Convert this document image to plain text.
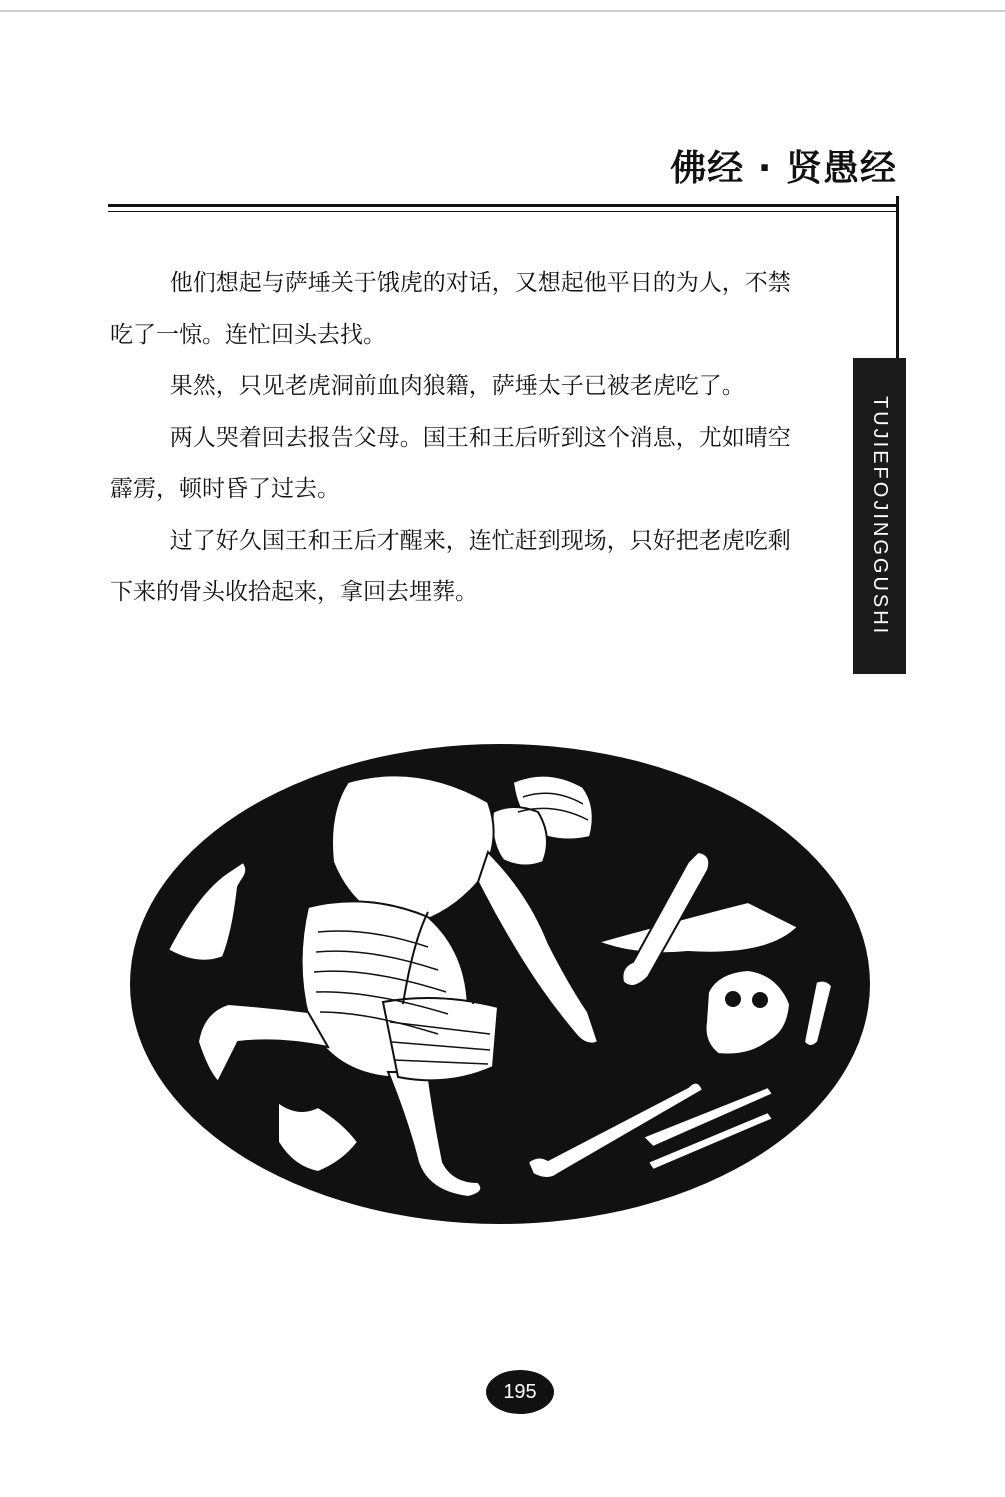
佛经 · 贤愚经
TUJIEFOJINGGUSHI

他们想起与萨埵关于饿虎的对话，又想起他平日的为人，不禁吃了一惊。连忙回头去找。

果然，只见老虎洞前血肉狼籍，萨埵太子已被老虎吃了。

两人哭着回去报告父母。国王和王后听到这个消息，尤如晴空霹雳，顿时昏了过去。

过了好久国王和王后才醒来，连忙赶到现场，只好把老虎吃剩下来的骨头收拾起来，拿回去埋葬。

195
